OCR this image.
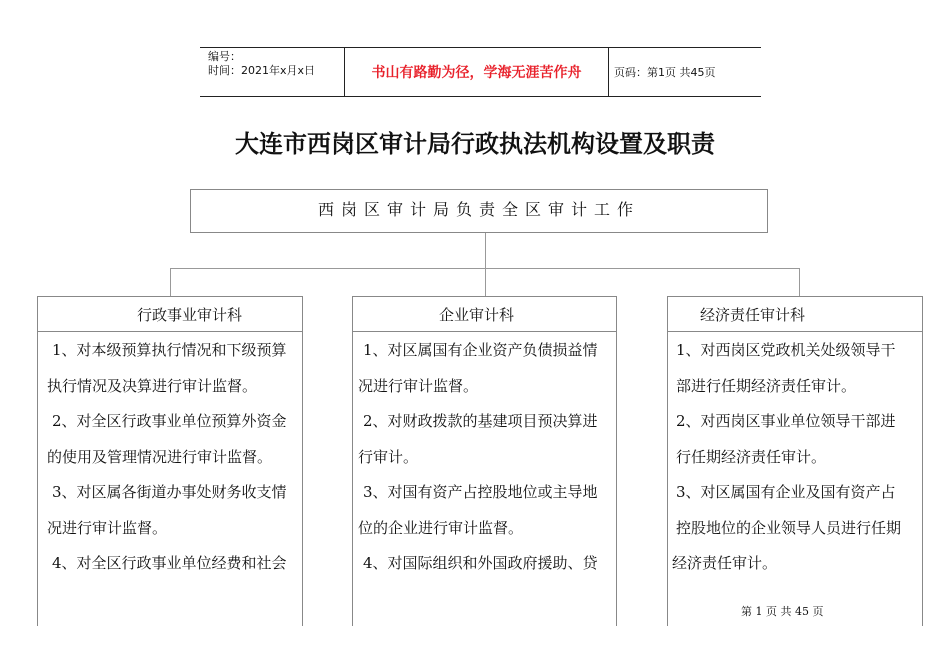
编号：
时间：2021年x月x日	书山有路勤为径，学海无涯苦作舟	页码：第1页 共45页
大连市西岗区审计局行政执法机构设置及职责
西岗区审计局负责全区审计工作
行政事业审计科

1、对本级预算执行情况和下级预算

执行情况及决算进行审计监督。

2、对全区行政事业单位预算外资金

的使用及管理情况进行审计监督。

3、对区属各街道办事处财务收支情

况进行审计监督。

4、对全区行政事业单位经费和社会

企业审计科

1、对区属国有企业资产负债损益情

况进行审计监督。

2、对财政拨款的基建项目预决算进

行审计。

3、对国有资产占控股地位或主导地

位的企业进行审计监督。

4、对国际组织和外国政府援助、贷

经济责任审计科

1、对西岗区党政机关处级领导干

部进行任期经济责任审计。

2、对西岗区事业单位领导干部进

行任期经济责任审计。

3、对区属国有企业及国有资产占

控股地位的企业领导人员进行任期

经济责任审计。

第 1 页 共 45 页
